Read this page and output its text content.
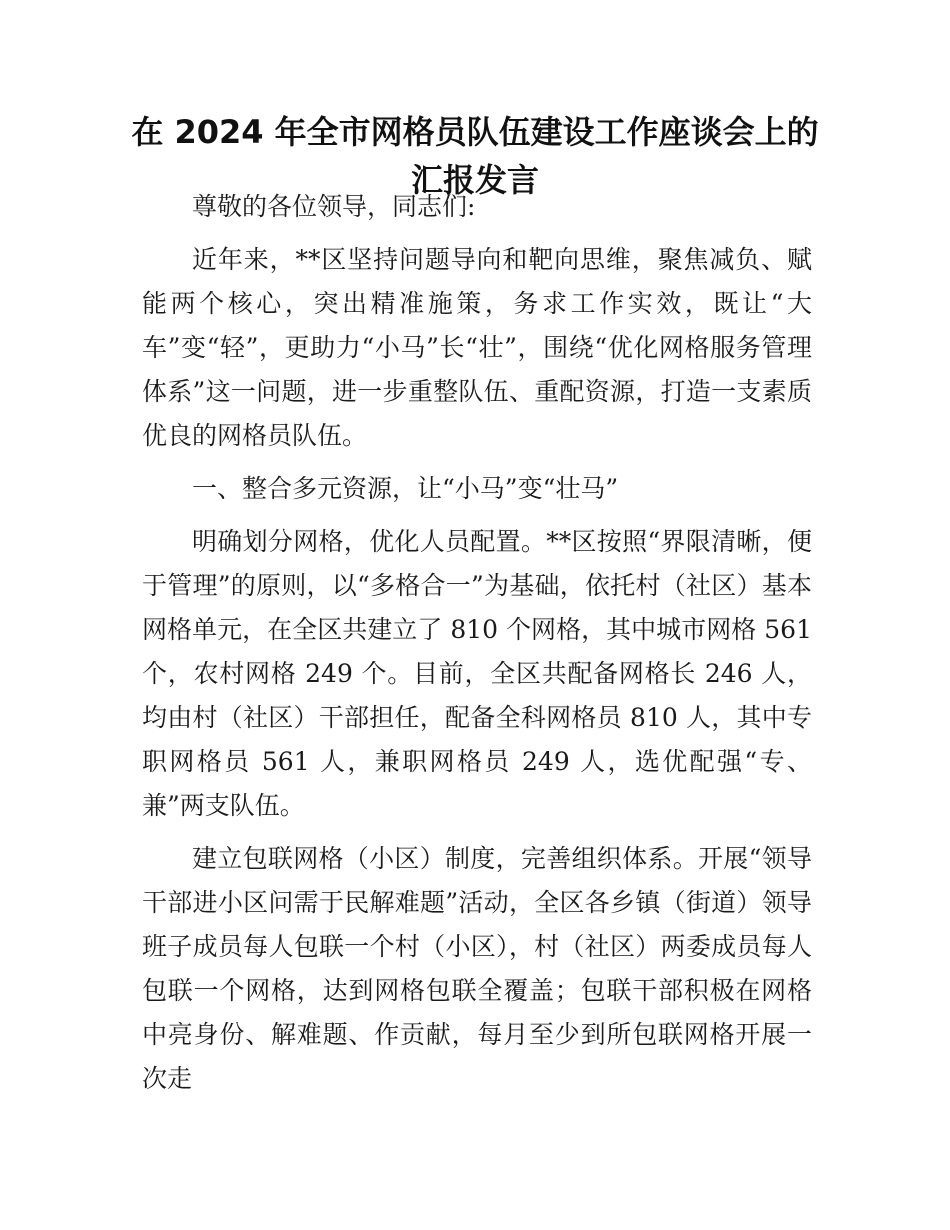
在 2024 年全市网格员队伍建设工作座谈会上的
汇报发言

尊敬的各位领导，同志们:

近年来，**区坚持问题导向和靶向思维，聚焦减负、赋能两个核心，突出精准施策，务求工作实效，既让“大车”变“轻”，更助力“小马”长“壮”，围绕“优化网格服务管理体系”这一问题，进一步重整队伍、重配资源，打造一支素质优良的网格员队伍。

一、整合多元资源，让“小马”变“壮马”

明确划分网格，优化人员配置。**区按照“界限清晰，便于管理”的原则，以“多格合一”为基础，依托村（社区）基本网格单元，在全区共建立了 810 个网格，其中城市网格 561 个，农村网格 249 个。目前，全区共配备网格长 246 人，均由村（社区）干部担任，配备全科网格员 810 人，其中专职网格员 561 人，兼职网格员 249 人，选优配强“专、兼”两支队伍。

建立包联网格（小区）制度，完善组织体系。开展“领导干部进小区问需于民解难题”活动，全区各乡镇（街道）领导班子成员每人包联一个村（小区），村（社区）两委成员每人包联一个网格，达到网格包联全覆盖；包联干部积极在网格中亮身份、解难题、作贡献，每月至少到所包联网格开展一次走
